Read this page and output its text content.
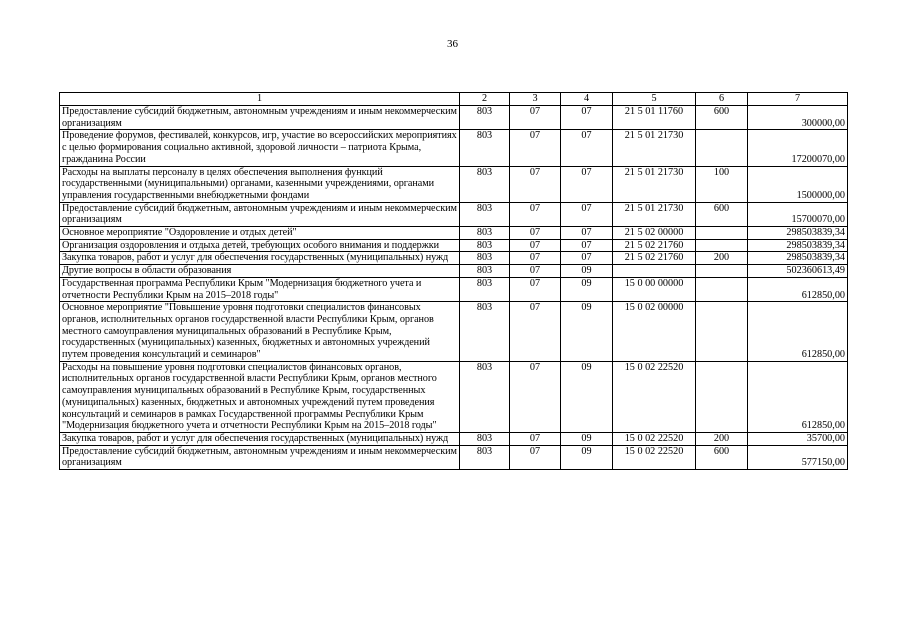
36
1	2	3	4	5	6	7
Предоставление субсидий бюджетным, автономным учреждениям и иным некоммерческим организациям	803	07	07	21 5 01 11760	600	300000,00
Проведение форумов, фестивалей, конкурсов, игр, участие во всероссийских мероприятиях с целью формирования социально активной, здоровой личности – патриота Крыма, гражданина России	803	07	07	21 5 01 21730		17200070,00
Расходы на выплаты персоналу в целях обеспечения выполнения функций государственными (муниципальными) органами, казенными учреждениями, органами управления государственными внебюджетными фондами	803	07	07	21 5 01 21730	100	1500000,00
Предоставление субсидий бюджетным, автономным учреждениям и иным некоммерческим организациям	803	07	07	21 5 01 21730	600	15700070,00
Основное мероприятие "Оздоровление и отдых детей"	803	07	07	21 5 02 00000		298503839,34
Организация оздоровления и отдыха детей, требующих особого внимания и поддержки	803	07	07	21 5 02 21760		298503839,34
Закупка товаров, работ и услуг для обеспечения государственных (муниципальных) нужд	803	07	07	21 5 02 21760	200	298503839,34
Другие вопросы в области образования	803	07	09			502360613,49
Государственная программа Республики Крым "Модернизация бюджетного учета и отчетности Республики Крым на 2015–2018 годы"	803	07	09	15 0 00 00000		612850,00
Основное мероприятие "Повышение уровня подготовки специалистов финансовых органов, исполнительных органов государственной власти Республики Крым, органов местного самоуправления муниципальных образований в Республике Крым, государственных (муниципальных) казенных, бюджетных и автономных учреждений путем проведения консультаций и семинаров"	803	07	09	15 0 02 00000		612850,00
Расходы на повышение уровня подготовки специалистов финансовых органов, исполнительных органов государственной власти Республики Крым, органов местного самоуправления муниципальных образований в Республике Крым, государственных (муниципальных) казенных, бюджетных и автономных учреждений путем проведения консультаций и семинаров в рамках Государственной программы Республики Крым "Модернизация бюджетного учета и отчетности Республики Крым на 2015–2018 годы"	803	07	09	15 0 02 22520		612850,00
Закупка товаров, работ и услуг для обеспечения государственных (муниципальных) нужд	803	07	09	15 0 02 22520	200	35700,00
Предоставление субсидий бюджетным, автономным учреждениям и иным некоммерческим организациям	803	07	09	15 0 02 22520	600	577150,00
